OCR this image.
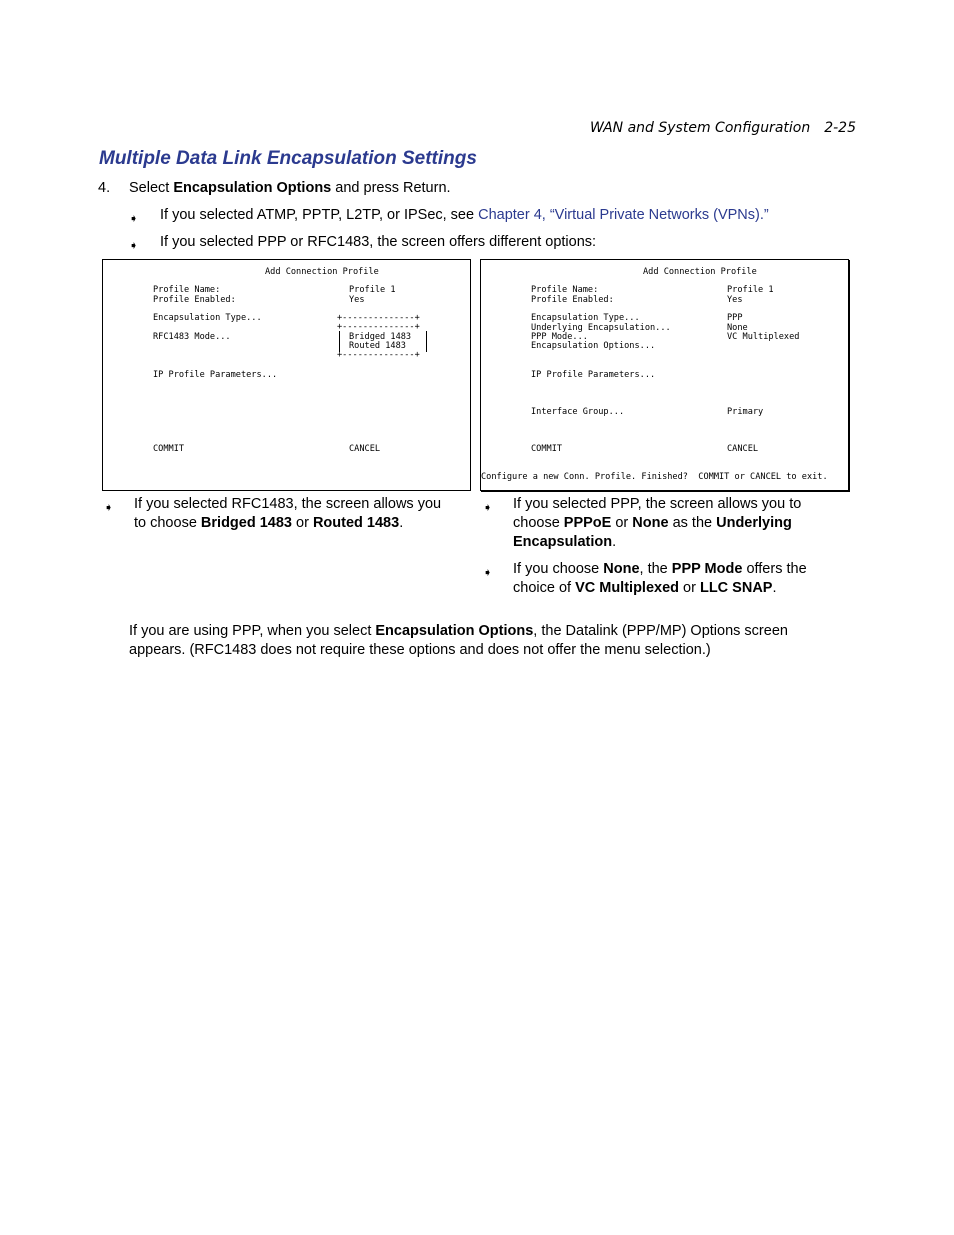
WAN and System Configuration 2-25
Multiple Data Link Encapsulation Settings
4. Select Encapsulation Options and press Return.
➧ If you selected ATMP, PPTP, L2TP, or IPSec, see Chapter 4, “Virtual Private Networks (VPNs).”
➧ If you selected PPP or RFC1483, the screen offers different options:
Add Connection Profile
Profile Name:	Profile 1
Profile Enabled:	Yes
Encapsulation Type...	+--------------+
+--------------+
RFC1483 Mode...	Bridged 1483
Routed 1483
+--------------+
IP Profile Parameters...
COMMIT	CANCEL
Add Connection Profile
Profile Name:	Profile 1
Profile Enabled:	Yes
Encapsulation Type...	PPP
Underlying Encapsulation...	None
PPP Mode...	VC Multiplexed
Encapsulation Options...
IP Profile Parameters...
Interface Group...	Primary
COMMIT	CANCEL
Configure a new Conn. Profile. Finished?  COMMIT or CANCEL to exit.
➧ If you selected RFC1483, the screen allows you
to choose Bridged 1483 or Routed 1483.
➧ If you selected PPP, the screen allows you to
choose PPPoE or None as the Underlying
Encapsulation.
➧ If you choose None, the PPP Mode offers the
choice of VC Multiplexed or LLC SNAP.

If you are using PPP, when you select Encapsulation Options, the Datalink (PPP/MP) Options screen appears. (RFC1483 does not require these options and does not offer the menu selection.)
